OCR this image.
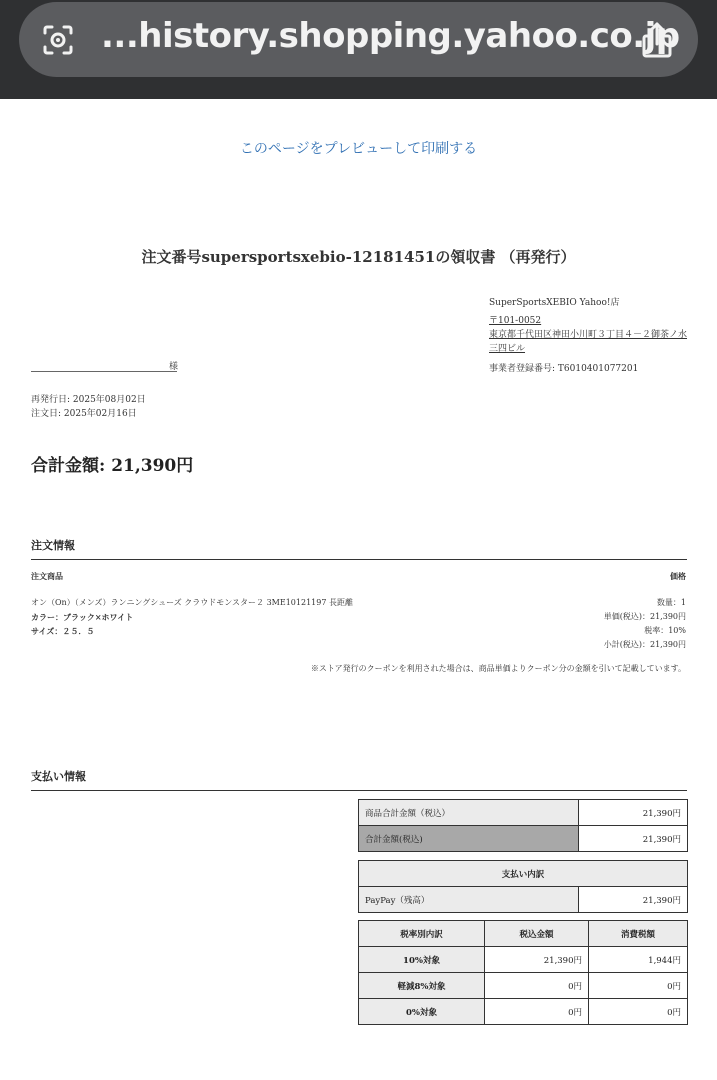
...history.shopping.yahoo.co.jp
このページをプレビューして印刷する
注文番号supersportsxebio-12181451の領収書 （再発行）
SuperSportsXEBIO Yahoo!店
〒101-0052
東京都千代田区神田小川町３丁目４－２御茶ノ水三四ビル
事業者登録番号: T6010401077201
様
再発行日: 2025年08月02日
注文日: 2025年02月16日
合計金額: 21,390円
注文情報
注文商品	価格
オン（On）（メンズ）ランニングシューズ クラウドモンスター２ 3ME10121197 長距離
カラー：ブラック×ホワイト
サイズ：２５．５
数量：1
単価(税込)：21,390円
税率：10%
小計(税込)：21,390円
※ストア発行のクーポンを利用された場合は、商品単価よりクーポン分の金額を引いて記載しています。
支払い情報
商品合計金額（税込）	21,390円
合計金額(税込)	21,390円
支払い内訳
PayPay（残高）	21,390円
税率別内訳	税込金額	消費税額
10%対象	21,390円	1,944円
軽減8%対象	0円	0円
0%対象	0円	0円
